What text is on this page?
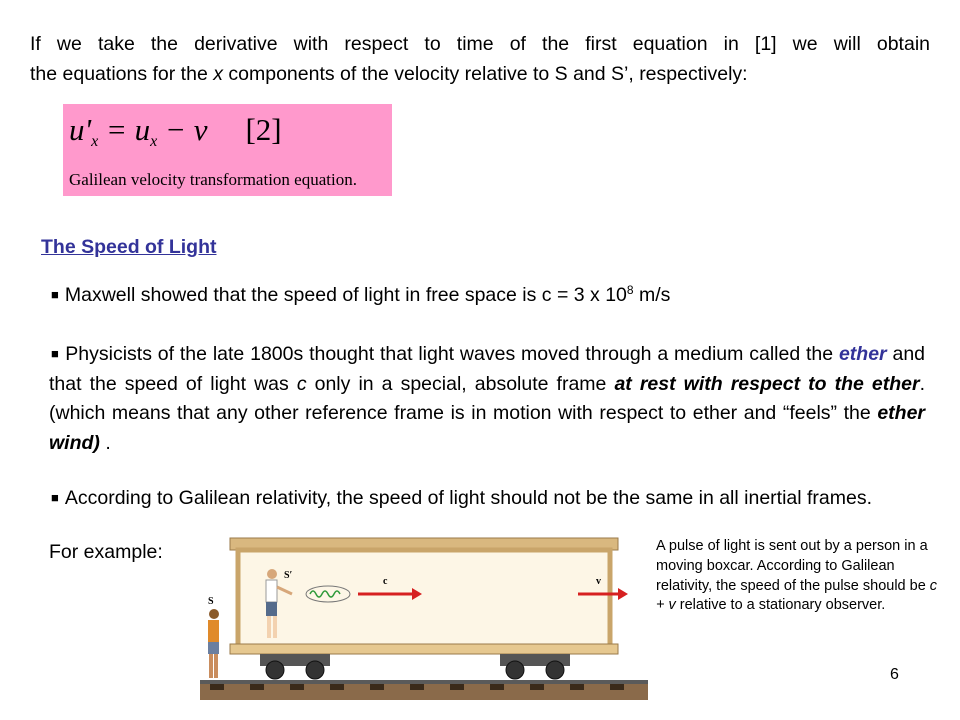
If we take the derivative with respect to time of the first equation in [1] we will obtain
the equations for the x components of the velocity relative to S and S’, respectively:
$u'_x = u_x - v$ [2]
Galilean velocity transformation equation.
The Speed of Light
■ Maxwell showed that the speed of light in free space is c = 3 x $10^8$ m/s
■ Physicists of the late 1800s thought that light waves moved through a medium called the ether and that the speed of light was c only in a special, absolute frame at rest with respect to the ether. (which means that any other reference frame is in motion with respect to ether and “feels” the ether wind) .
■ According to Galilean relativity, the speed of light should not be the same in all inertial frames.
For example:
S′
c	v
S
A pulse of light is sent out by a person in a moving boxcar. According to Galilean relativity, the speed of the pulse should be c + v relative to a stationary observer.
6
